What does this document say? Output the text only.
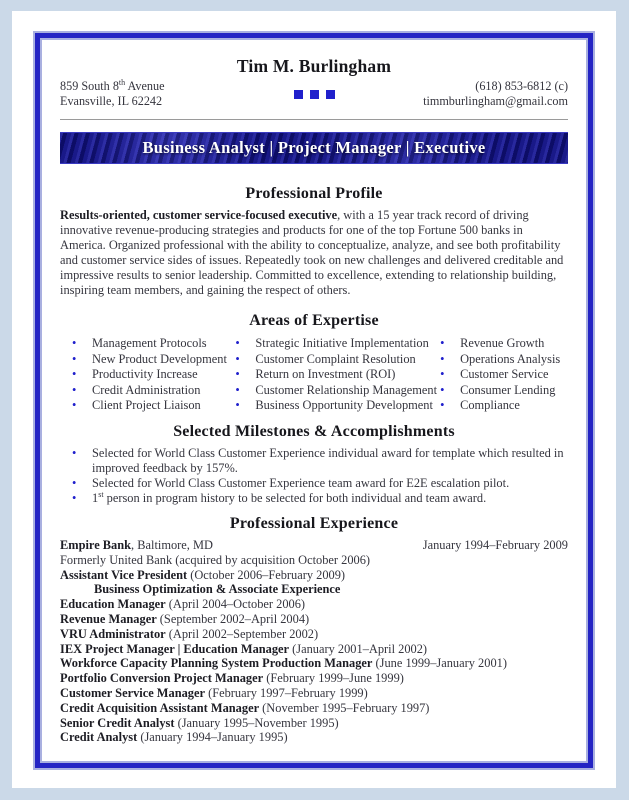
Tim M. Burlingham
859 South 8th Avenue
Evansville, IL 62242
(618) 853-6812 (c)
timmburlingham@gmail.com
Business Analyst | Project Manager | Executive
Professional Profile

Results-oriented, customer service-focused executive, with a 15 year track record of driving innovative revenue-producing strategies and products for one of the top Fortune 500 banks in America. Organized professional with the ability to conceptualize, analyze, and see both profitability and customer service sides of issues. Repeatedly took on new challenges and delivered creditable and impressive results to senior leadership. Committed to excellence, extending to relationship building, inspiring team members, and gaining the respect of others.

Areas of Expertise
•	Management Protocols
•	New Product Development
•	Productivity Increase
•	Credit Administration
•	Client Project Liaison
•	Strategic Initiative Implementation
•	Customer Complaint Resolution
•	Return on Investment (ROI)
•	Customer Relationship Management
•	Business Opportunity Development
•	Revenue Growth
•	Operations Analysis
•	Customer Service
•	Consumer Lending
•	Compliance
Selected Milestones & Accomplishments
•	Selected for World Class Customer Experience individual award for template which resulted in improved feedback by 157%.
•	Selected for World Class Customer Experience team award for E2E escalation pilot.
•	1st person in program history to be selected for both individual and team award.
Professional Experience
Empire Bank, Baltimore, MD	January 1994–February 2009
Formerly United Bank (acquired by acquisition October 2006)
Assistant Vice President (October 2006–February 2009)
Business Optimization & Associate Experience
Education Manager (April 2004–October 2006)
Revenue Manager (September 2002–April 2004)
VRU Administrator (April 2002–September 2002)
IEX Project Manager | Education Manager (January 2001–April 2002)
Workforce Capacity Planning System Production Manager (June 1999–January 2001)
Portfolio Conversion Project Manager (February 1999–June 1999)
Customer Service Manager (February 1997–February 1999)
Credit Acquisition Assistant Manager (November 1995–February 1997)
Senior Credit Analyst (January 1995–November 1995)
Credit Analyst (January 1994–January 1995)
